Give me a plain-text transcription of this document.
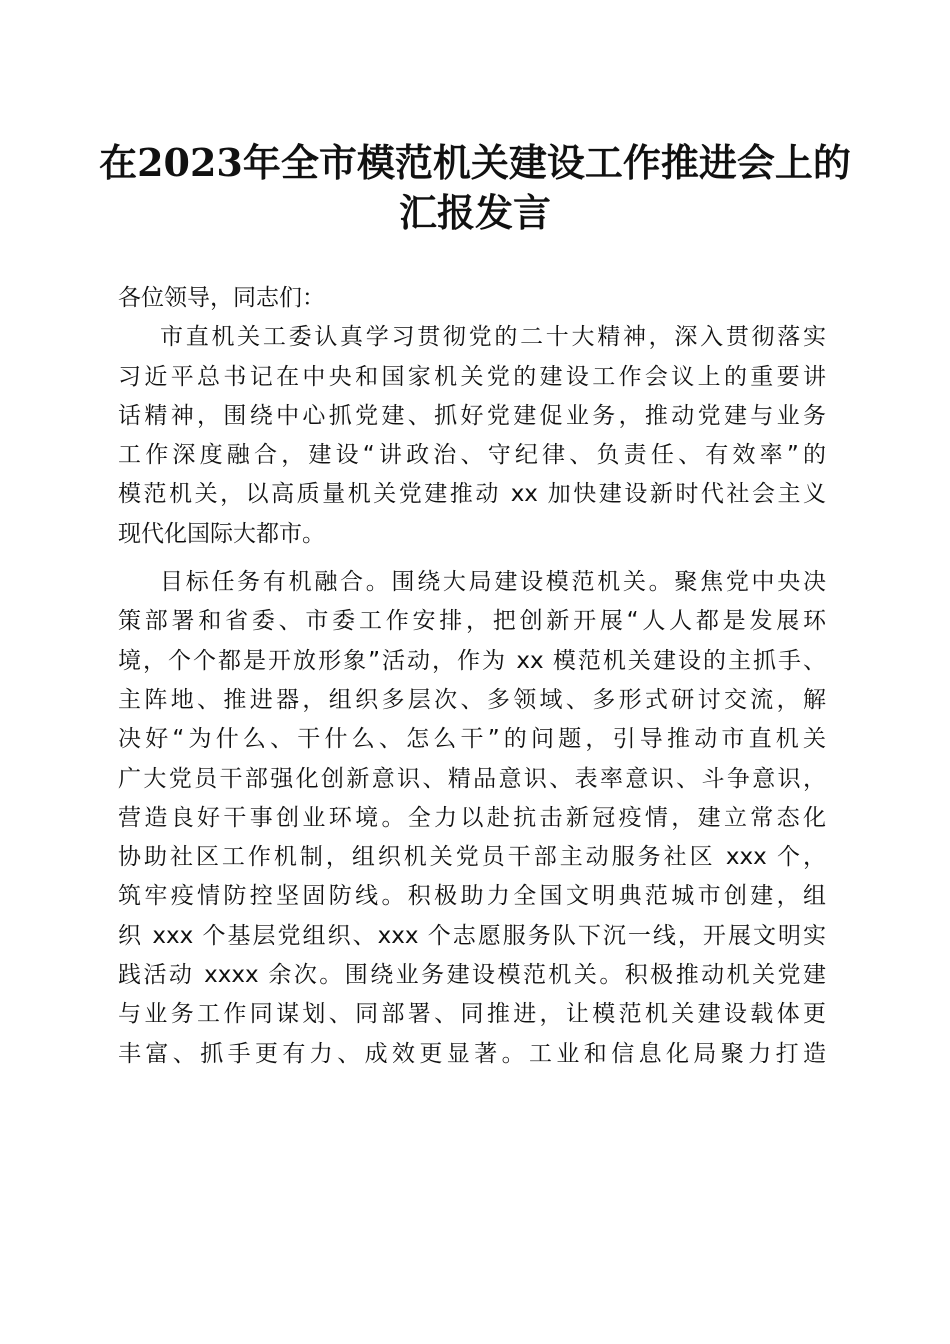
在2023年全市模范机关建设工作推进会上的
汇报发言

各位领导，同志们：

市直机关工委认真学习贯彻党的二十大精神，深入贯彻落实
习近平总书记在中央和国家机关党的建设工作会议上的重要讲
话精神，围绕中心抓党建、抓好党建促业务，推动党建与业务
工作深度融合，建设“讲政治、守纪律、负责任、有效率”的
模范机关，以高质量机关党建推动 xx 加快建设新时代社会主义
现代化国际大都市。

目标任务有机融合。围绕大局建设模范机关。聚焦党中央决
策部署和省委、市委工作安排，把创新开展“人人都是发展环
境，个个都是开放形象”活动，作为 xx 模范机关建设的主抓手、
主阵地、推进器，组织多层次、多领域、多形式研讨交流，解
决好“为什么、干什么、怎么干”的问题，引导推动市直机关
广大党员干部强化创新意识、精品意识、表率意识、斗争意识，
营造良好干事创业环境。全力以赴抗击新冠疫情，建立常态化
协助社区工作机制，组织机关党员干部主动服务社区 xxx 个，
筑牢疫情防控坚固防线。积极助力全国文明典范城市创建，组
织 xxx 个基层党组织、xxx 个志愿服务队下沉一线，开展文明实
践活动 xxxx 余次。围绕业务建设模范机关。积极推动机关党建
与业务工作同谋划、同部署、同推进，让模范机关建设载体更
丰富、抓手更有力、成效更显著。工业和信息化局聚力打造
